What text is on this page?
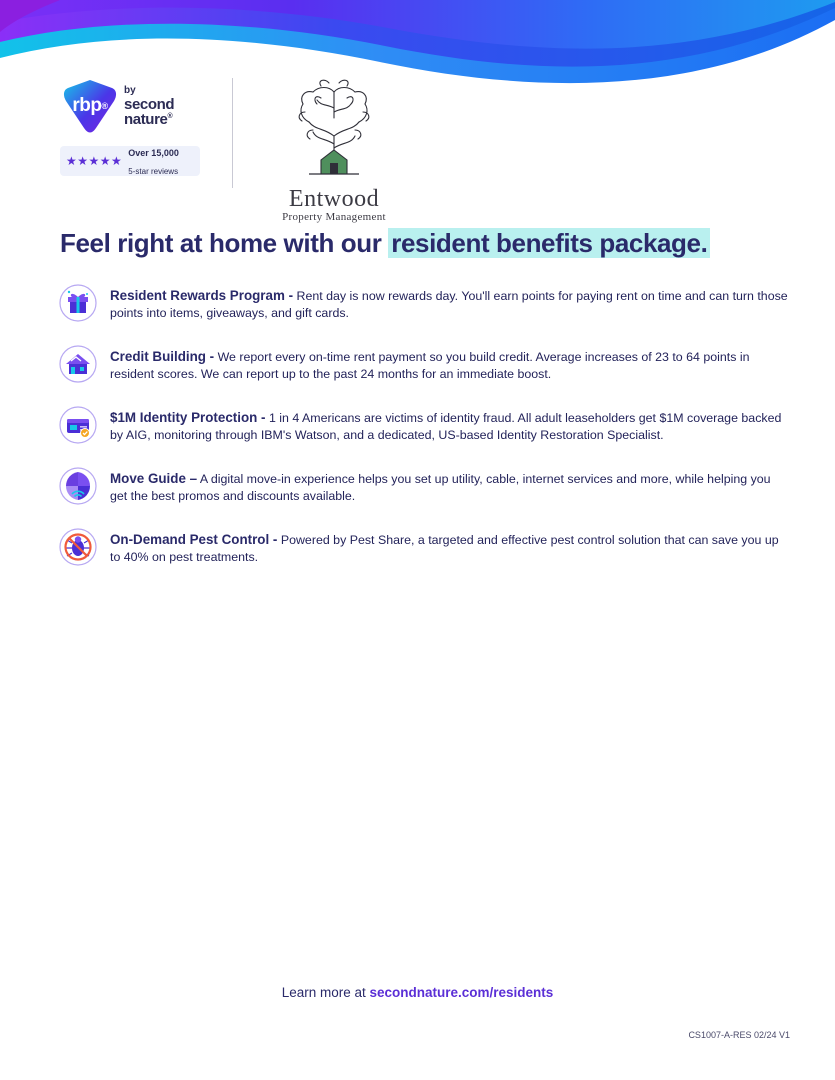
rbp ®
by
second
nature®
★★★★★
Over 15,000
5-star reviews
Entwood
Property Management
Feel right at home with our resident benefits package.
Resident Rewards Program - Rent day is now rewards day. You'll earn points for paying rent on time and can turn those points into items, giveaways, and gift cards.
Credit Building - We report every on-time rent payment so you build credit. Average increases of 23 to 64 points in resident scores. We can report up to the past 24 months for an immediate boost.
$1M Identity Protection - 1 in 4 Americans are victims of identity fraud. All adult leaseholders get $1M coverage backed by AIG, monitoring through IBM's Watson, and a dedicated, US-based Identity Restoration Specialist.
Move Guide – A digital move-in experience helps you set up utility, cable, internet services and more, while helping you get the best promos and discounts available.
On-Demand Pest Control - Powered by Pest Share, a targeted and effective pest control solution that can save you up to 40% on pest treatments.
Learn more at secondnature.com/residents
CS1007-A-RES 02/24 V1
